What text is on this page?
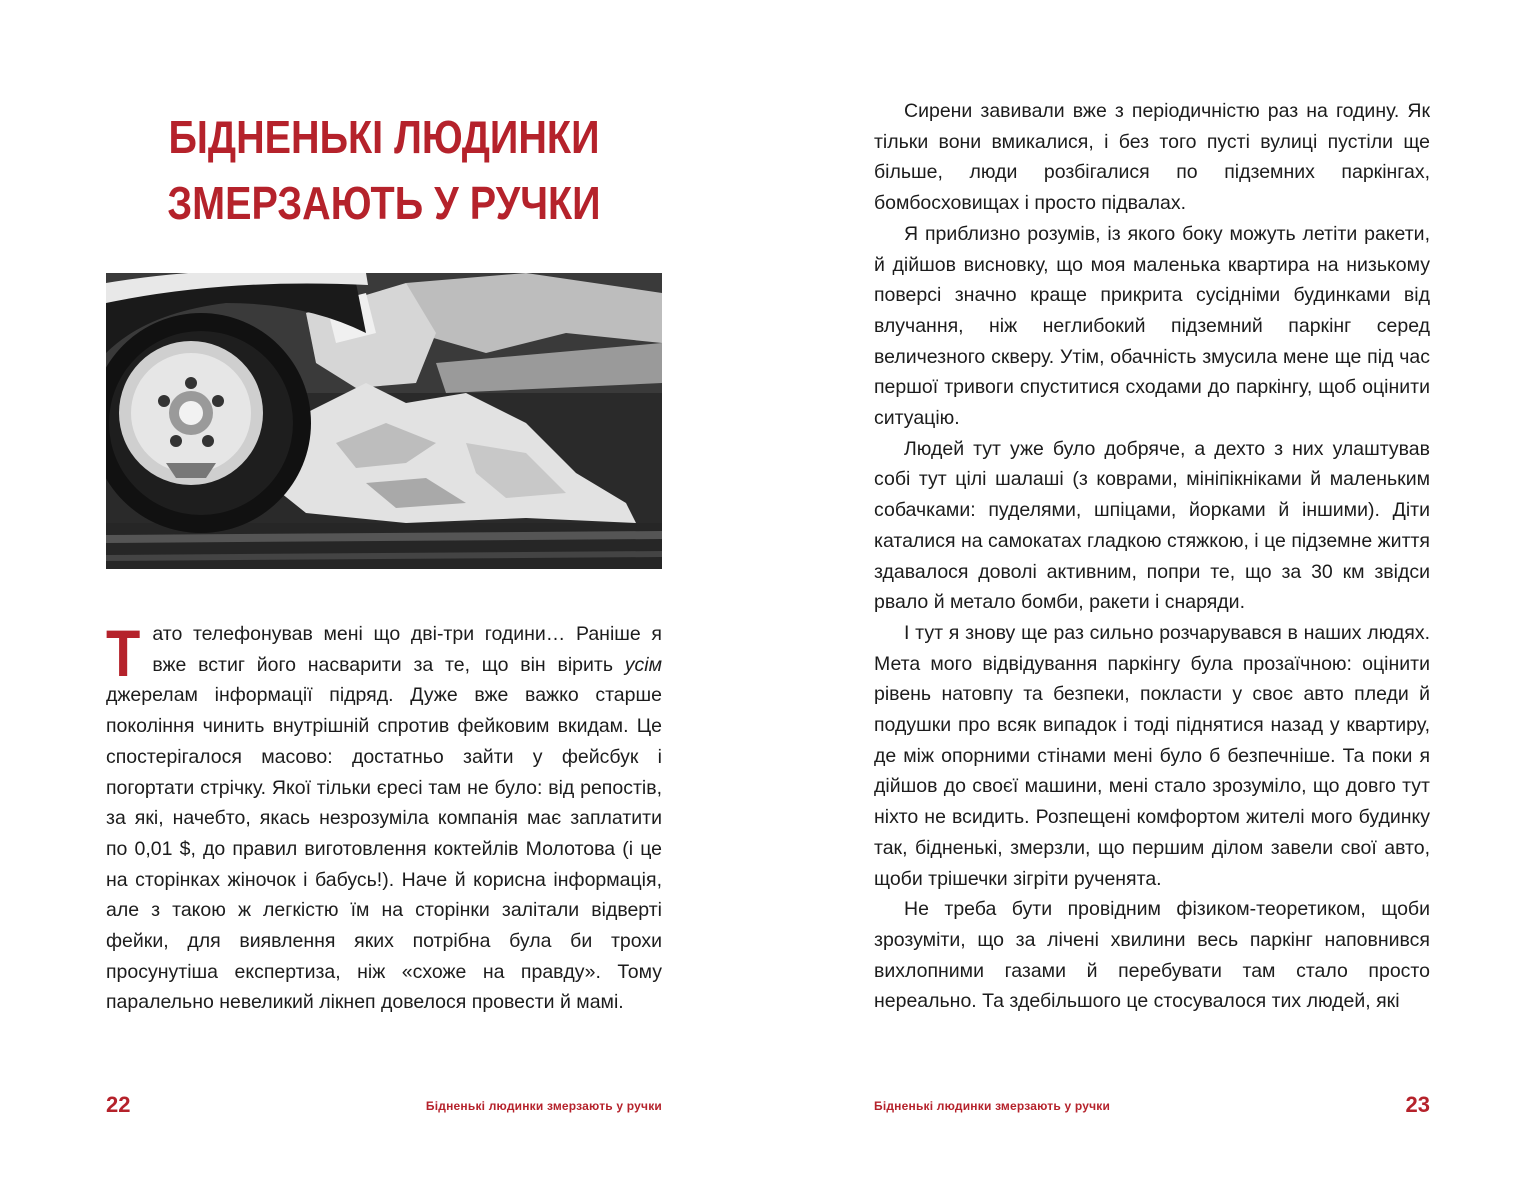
БІДНЕНЬКІ ЛЮДИНКИ
ЗМЕРЗАЮТЬ У РУЧКИ

Тато телефонував мені що дві-три години… Раніше я вже встиг його насварити за те, що він вірить усім джерелам інформації підряд. Дуже вже важко старше покоління чинить внутрішній спротив фейковим вкидам. Це спостерігалося масово: достатньо зайти у фейсбук і погортати стрічку. Якої тільки єресі там не було: від репостів, за які, начебто, якась незрозуміла компанія має заплатити по 0,01 $, до правил виготовлення коктейлів Молотова (і це на сторінках жіночок і бабусь!). Наче й корисна інформація, але з такою ж легкістю їм на сторінки залітали відверті фейки, для виявлення яких потрібна була би трохи просунутіша експертиза, ніж «схоже на правду». Тому паралельно невеликий лікнеп довелося провести й мамі.

22	Бідненькі людинки змерзають у ручки

Сирени завивали вже з періодичністю раз на годину. Як тільки вони вмикалися, і без того пусті вулиці пустіли ще більше, люди розбігалися по підземних паркінгах, бомбосховищах і просто підвалах.

Я приблизно розумів, із якого боку можуть летіти ракети, й дійшов висновку, що моя маленька квартира на низькому поверсі значно краще прикрита сусідніми будинками від влучання, ніж неглибокий підземний паркінг серед величезного скверу. Утім, обачність змусила мене ще під час першої тривоги спуститися сходами до паркінгу, щоб оцінити ситуацію.

Людей тут уже було добряче, а дехто з них улаштував собі тут цілі шалаші (з коврами, мініпікніками й маленьким собачками: пуделями, шпіцами, йорками й іншими). Діти каталися на самокатах гладкою стяжкою, і це підземне життя здавалося доволі активним, попри те, що за 30 км звідси рвало й метало бомби, ракети і снаряди.

І тут я знову ще раз сильно розчарувався в наших людях. Мета мого відвідування паркінгу була прозаїчною: оцінити рівень натовпу та безпеки, покласти у своє авто пледи й подушки про всяк випадок і тоді піднятися назад у квартиру, де між опорними стінами мені було б безпечніше. Та поки я дійшов до своєї машини, мені стало зрозуміло, що довго тут ніхто не всидить. Розпещені комфортом жителі мого будинку так, бідненькі, змерзли, що першим ділом завели свої авто, щоби трішечки зігріти рученята.

Не треба бути провідним фізиком-теоретиком, щоби зрозуміти, що за лічені хвилини весь паркінг наповнився вихлопними газами й перебувати там стало просто нереально. Та здебільшого це стосувалося тих людей, які

Бідненькі людинки змерзають у ручки	23
